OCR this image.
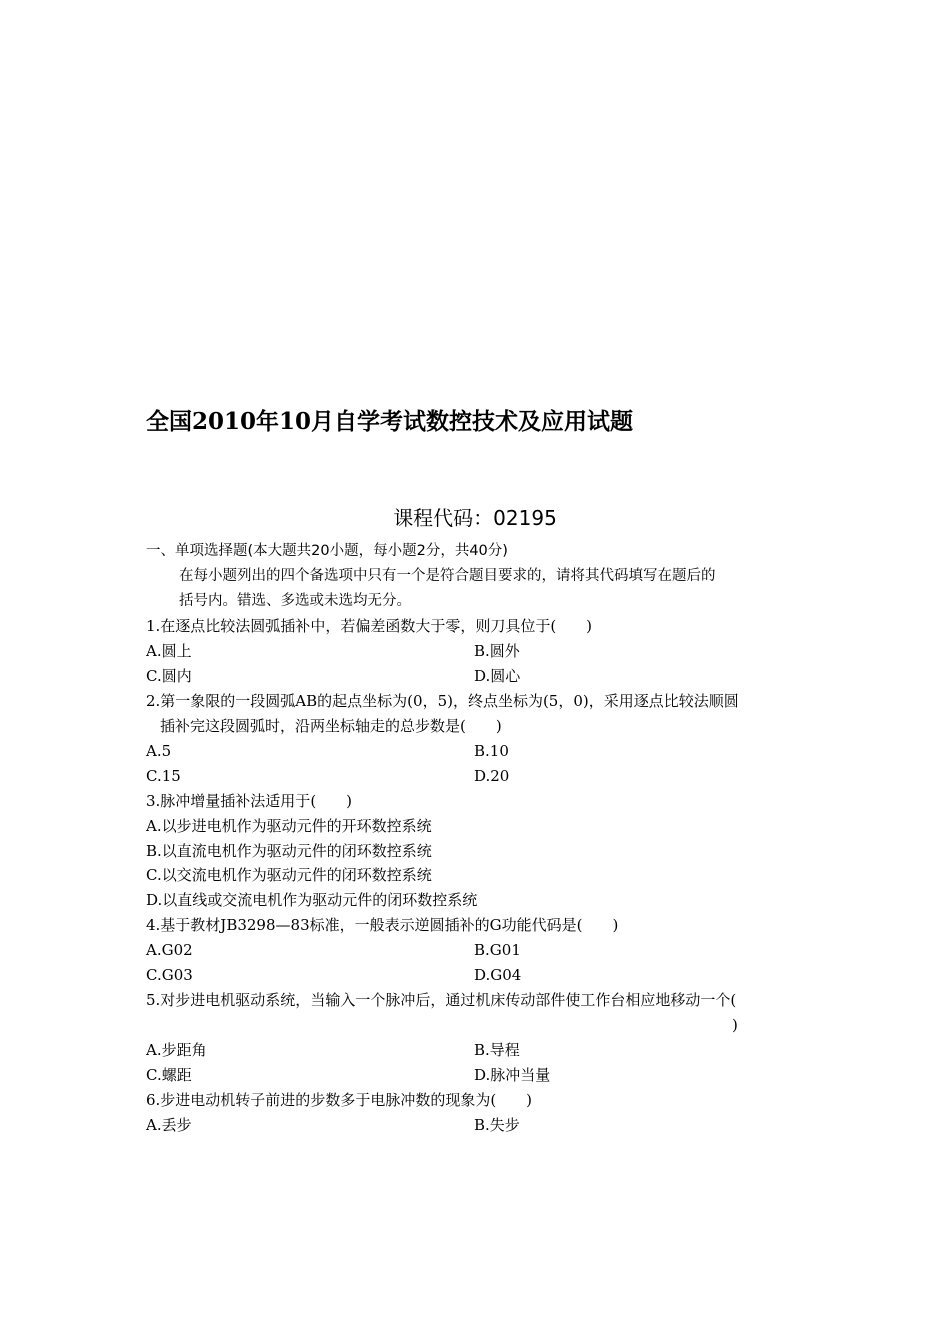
全国2010年10月自学考试数控技术及应用试题
课程代码：02195
一、单项选择题(本大题共20小题，每小题2分，共40分)
在每小题列出的四个备选项中只有一个是符合题目要求的，请将其代码填写在题后的
括号内。错选、多选或未选均无分。
1.在逐点比较法圆弧插补中，若偏差函数大于零，则刀具位于(　　)
A.圆上	B.圆外
C.圆内	D.圆心
2.第一象限的一段圆弧AB的起点坐标为(0，5)，终点坐标为(5，0)，采用逐点比较法顺圆
插补完这段圆弧时，沿两坐标轴走的总步数是(　　)
A.5	B.10
C.15	D.20
3.脉冲增量插补法适用于(　　)
A.以步进电机作为驱动元件的开环数控系统
B.以直流电机作为驱动元件的闭环数控系统
C.以交流电机作为驱动元件的闭环数控系统
D.以直线或交流电机作为驱动元件的闭环数控系统
4.基于教材JB3298—83标准，一般表示逆圆插补的G功能代码是(　　)
A.G02	B.G01
C.G03	D.G04
5.对步进电机驱动系统，当输入一个脉冲后，通过机床传动部件使工作台相应地移动一个(
)
A.步距角	B.导程
C.螺距	D.脉冲当量
6.步进电动机转子前进的步数多于电脉冲数的现象为(　　)
A.丢步	B.失步
